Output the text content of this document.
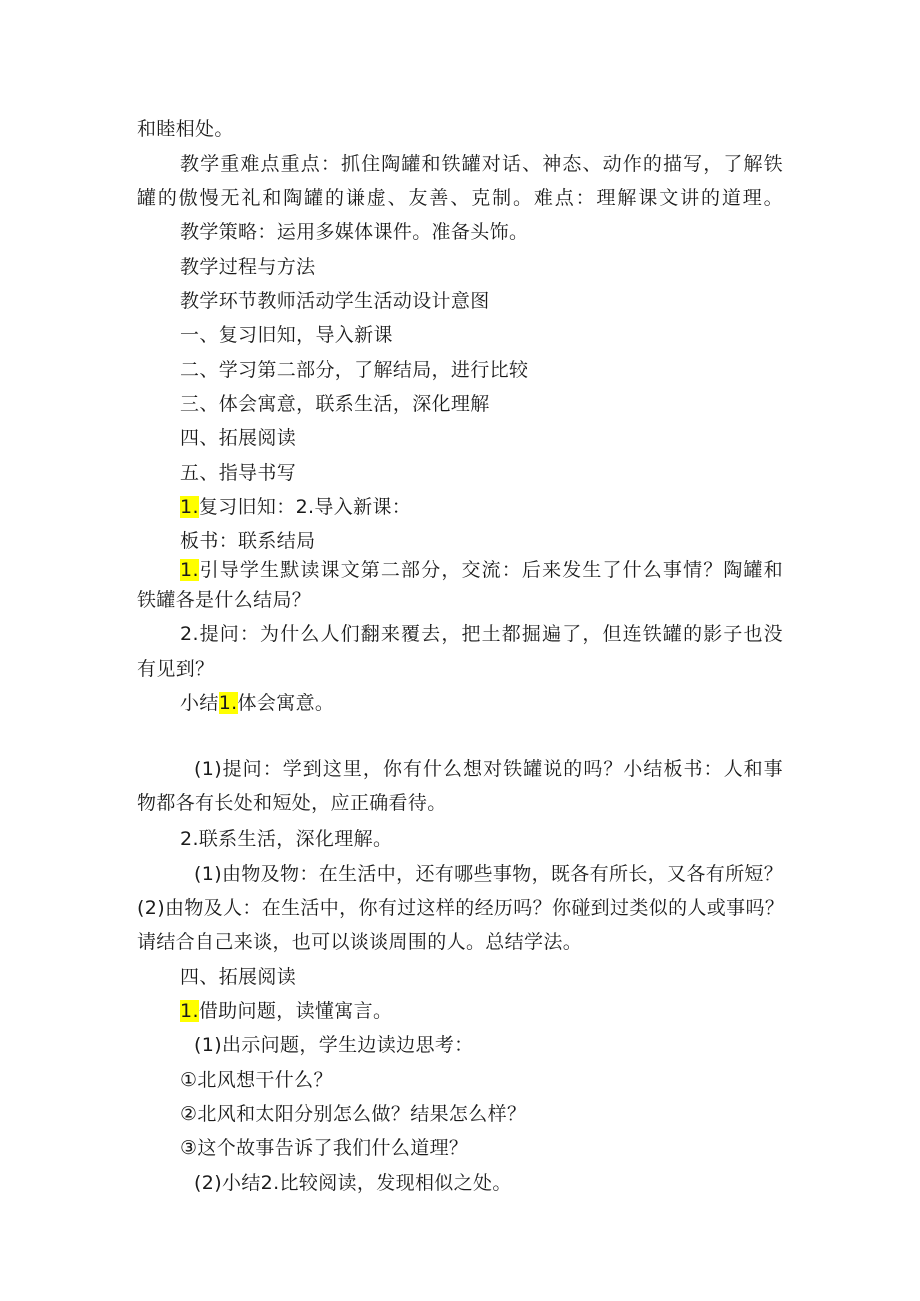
和睦相处。
教学重难点重点：抓住陶罐和铁罐对话、神态、动作的描写，了解铁
罐的傲慢无礼和陶罐的谦虚、友善、克制。难点：理解课文讲的道理。
教学策略：运用多媒体课件。准备头饰。
教学过程与方法
教学环节教师活动学生活动设计意图
一、复习旧知，导入新课
二、学习第二部分，了解结局，进行比较
三、体会寓意，联系生活，深化理解
四、拓展阅读
五、指导书写
1.复习旧知：2.导入新课：
板书：联系结局
1.引导学生默读课文第二部分，交流：后来发生了什么事情？陶罐和
铁罐各是什么结局？
2.提问：为什么人们翻来覆去，把土都掘遍了，但连铁罐的影子也没
有见到？
小结1.体会寓意。
(1)提问：学到这里，你有什么想对铁罐说的吗？小结板书：人和事
物都各有长处和短处，应正确看待。
2.联系生活，深化理解。
(1)由物及物：在生活中，还有哪些事物，既各有所长，又各有所短？
(2)由物及人：在生活中，你有过这样的经历吗？你碰到过类似的人或事吗？
请结合自己来谈，也可以谈谈周围的人。总结学法。
四、拓展阅读
1.借助问题，读懂寓言。
(1)出示问题，学生边读边思考：
①北风想干什么？
②北风和太阳分别怎么做？结果怎么样？
③这个故事告诉了我们什么道理？
(2)小结2.比较阅读，发现相似之处。
